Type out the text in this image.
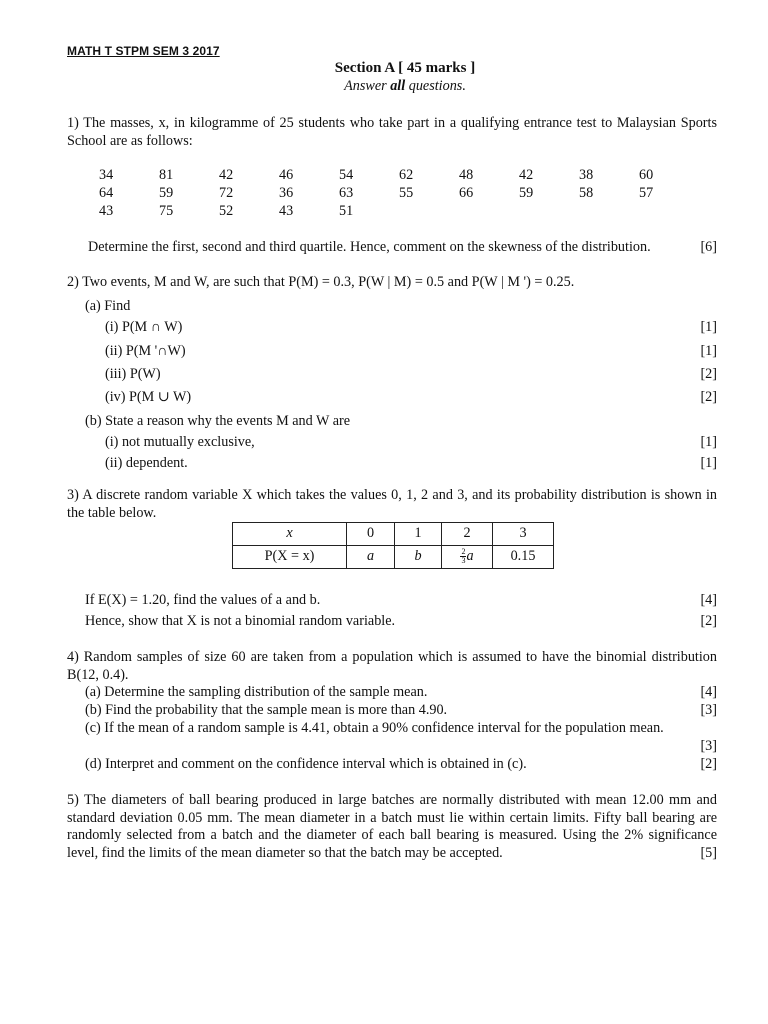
MATH T STPM SEM 3 2017
Section A [ 45 marks ]
Answer all questions.
1) The masses, x, in kilogramme of 25 students who take part in a qualifying entrance test to Malaysian Sports School are as follows:
34	81	42	46	54	62	48	42	38	60
64	59	72	36	63	55	66	59	58	57
43	75	52	43	51
Determine the first, second and third quartile. Hence, comment on the skewness of the distribution.	[6]
2) Two events, M and W, are such that P(M) = 0.3, P(W | M) = 0.5 and P(W | M ') = 0.25.
(a) Find
(i) P(M ∩ W)	[1]
(ii) P(M '∩W)	[1]
(iii) P(W)	[2]
(iv) P(M ∪ W)	[2]
(b) State a reason why the events M and W are
(i) not mutually exclusive,	[1]
(ii) dependent.	[1]
3) A discrete random variable X which takes the values 0, 1, 2 and 3, and its probability distribution is shown in the table below.
x	0	1	2	3
P(X = x)	a	b	$\frac{2}{3}$ a	0.15
If E(X) = 1.20, find the values of a and b.	[4]
Hence, show that X is not a binomial random variable.	[2]
4) Random samples of size 60 are taken from a population which is assumed to have the binomial distribution B(12, 0.4).
(a) Determine the sampling distribution of the sample mean.	[4]
(b) Find the probability that the sample mean is more than 4.90.	[3]
(c) If the mean of a random sample is 4.41, obtain a 90% confidence interval for the population mean.
[3]
(d) Interpret and comment on the confidence interval which is obtained in (c).	[2]
5) The diameters of ball bearing produced in large batches are normally distributed with mean 12.00 mm and standard deviation 0.05 mm. The mean diameter in a batch must lie within certain limits. Fifty ball bearing are randomly selected from a batch and the diameter of each ball bearing is measured. Using the 2% significance level, find the limits of the mean diameter so that the batch may be accepted.	[5]
